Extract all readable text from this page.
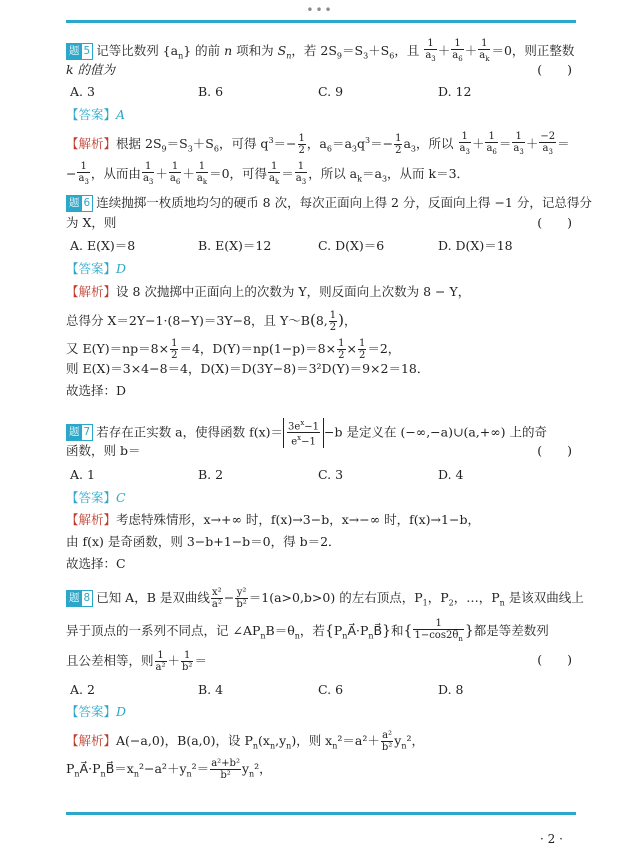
•••
题 5 记等比数列 $\{a_n\}$ 的前 n 项和为 $S_n$，若 $2S_9=S_3+S_6$，且 $\frac{1}{a_3} + \frac{1}{a_6} + \frac{1}{a_k} =0$，则正整数
k 的值为	(　　)
A. 3	B. 6	C. 9	D. 12
【答案】A
【解析】根据 $2S_9=S_3+S_6$，可得 $q^3=- \frac{1}{2}$ ，$a_6=a_3q^3=- \frac{1}{2} a_3$，所以 $\frac{1}{a_3} + \frac{1}{a_6} = \frac{1}{a_3} + \frac{-2}{a_3}$ ＝
− $\frac{1}{a_3}$ ，从而由 $\frac{1}{a_3} + \frac{1}{a_6} + \frac{1}{a_k} =0$，可得 $\frac{1}{a_k} = \frac{1}{a_3}$ ，所以 $a_k=a_3$，从而 k＝3．
题 6 连续抛掷一枚质地均匀的硬币 8 次，每次正面向上得 2 分，反面向上得 −1 分，记总得分
为 X，则	(　　)
A. E(X)＝8	B. E(X)＝12	C. D(X)＝6	D. D(X)＝18
【答案】D
【解析】设 8 次抛掷中正面向上的次数为 Y，则反面向上次数为 8 − Y，
总得分 X＝2Y−1·(8−Y)＝3Y−8，且 Y～B(8, $\frac{1}{2}$ )，
又 $E(Y)=np=8\times \frac{1}{2} =4$，$D(Y)=np(1-p)=8\times \frac{1}{2} \times \frac{1}{2} =2$，
则 E(X)＝3×4−8＝4，D(X)＝D(3Y−8)＝3²D(Y)＝9×2＝18．
故选择：D
题 7 若存在正实数 a，使得函数 $f(x)= \frac{3e^x-1}{e^x-1} -b$ 是定义在 (−∞,−a)∪(a,+∞) 上的奇
函数，则 b＝	(　　)
A. 1	B. 2	C. 3	D. 4
【答案】C
【解析】考虑特殊情形，x→+∞ 时，f(x)→3−b，x→−∞ 时，f(x)→1−b，
由 f(x) 是奇函数，则 3−b+1−b＝0，得 b＝2．
故选择：C
题 8 已知 A，B 是双曲线 $\frac{\text{x²}}{\text{a²}} - \frac{\text{y²}}{\text{b²}} =1(a>0,b>0)$ 的左右顶点，$P_1$，$P_2$，…，$P_n$ 是该双曲线上
异于顶点的一系列不同点，记 $\angle AP_nB=\theta_n$，若$\{P_nA⃗\cdot P_nB⃗\}$和{ $\frac{1}{1-\cos 2\theta_n}$ }都是等差数列
且公差相等，则 $\frac{1}{\text{a²}} + \frac{1}{\text{b²}}$ ＝	(　　)
A. 2	B. 4	C. 6	D. 8
【答案】D
【解析】A(−a,0)，B(a,0)，设 $P_n(x_n,y_n)$，则 $x_n^2=a^2+ \frac{\text{a²}}{\text{b²}} y_n^2$，
$P_nA⃗\cdot P_nB⃗=x_n^2-a^2+y_n^2= \frac{\text{a²+b²}}{\text{b²}} y_n^2$，
· 2 ·
